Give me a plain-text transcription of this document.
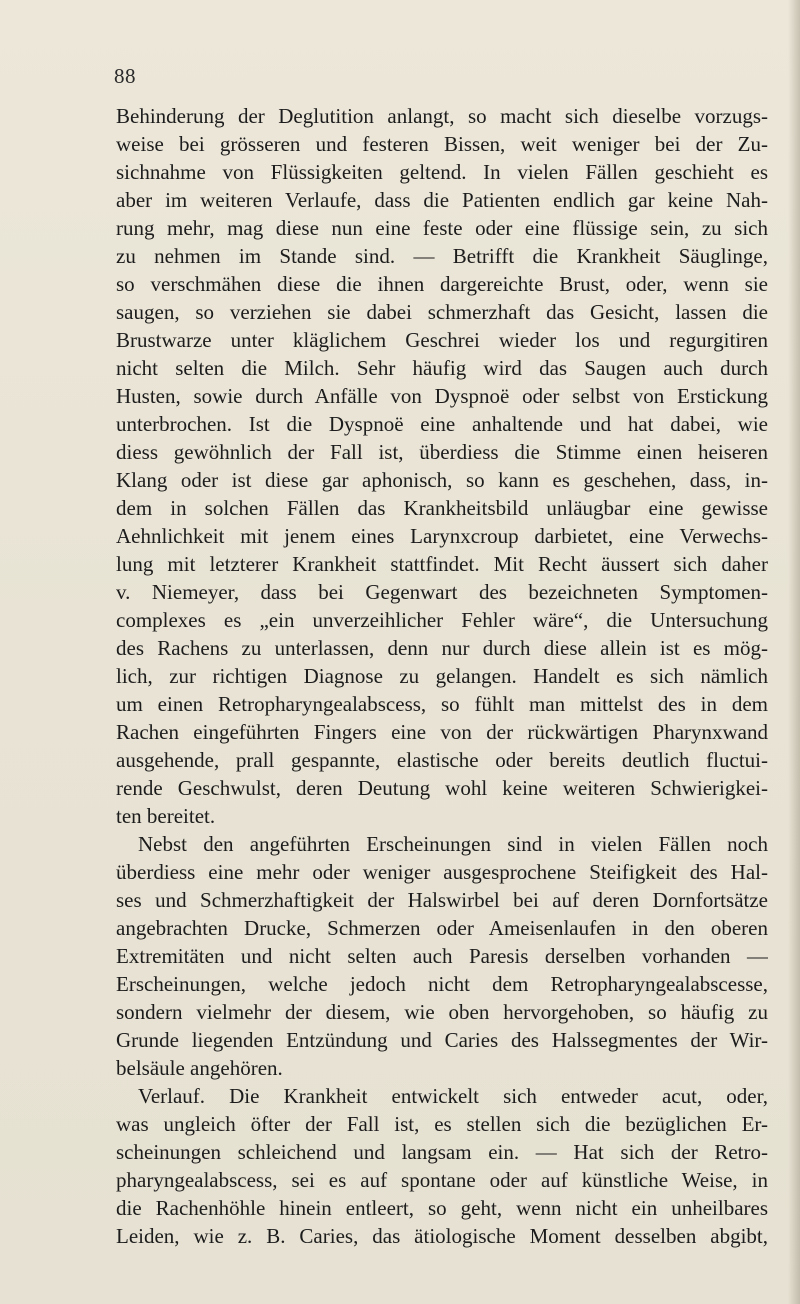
88
Behinderung der Deglutition anlangt, so macht sich dieselbe vorzugs-
weise bei grösseren und festeren Bissen, weit weniger bei der Zu-
sichnahme von Flüssigkeiten geltend. In vielen Fällen geschieht es
aber im weiteren Verlaufe, dass die Patienten endlich gar keine Nah-
rung mehr, mag diese nun eine feste oder eine flüssige sein, zu sich
zu nehmen im Stande sind. — Betrifft die Krankheit Säuglinge,
so verschmähen diese die ihnen dargereichte Brust, oder, wenn sie
saugen, so verziehen sie dabei schmerzhaft das Gesicht, lassen die
Brustwarze unter kläglichem Geschrei wieder los und regurgitiren
nicht selten die Milch. Sehr häufig wird das Saugen auch durch
Husten, sowie durch Anfälle von Dyspnoë oder selbst von Erstickung
unterbrochen. Ist die Dyspnoë eine anhaltende und hat dabei, wie
diess gewöhnlich der Fall ist, überdiess die Stimme einen heiseren
Klang oder ist diese gar aphonisch, so kann es geschehen, dass, in-
dem in solchen Fällen das Krankheitsbild unläugbar eine gewisse
Aehnlichkeit mit jenem eines Larynxcroup darbietet, eine Verwechs-
lung mit letzterer Krankheit stattfindet. Mit Recht äussert sich daher
v. Niemeyer, dass bei Gegenwart des bezeichneten Symptomen-
complexes es „ein unverzeihlicher Fehler wäre“, die Untersuchung
des Rachens zu unterlassen, denn nur durch diese allein ist es mög-
lich, zur richtigen Diagnose zu gelangen. Handelt es sich nämlich
um einen Retropharyngealabscess, so fühlt man mittelst des in dem
Rachen eingeführten Fingers eine von der rückwärtigen Pharynxwand
ausgehende, prall gespannte, elastische oder bereits deutlich fluctui-
rende Geschwulst, deren Deutung wohl keine weiteren Schwierigkei-
ten bereitet.
Nebst den angeführten Erscheinungen sind in vielen Fällen noch
überdiess eine mehr oder weniger ausgesprochene Steifigkeit des Hal-
ses und Schmerzhaftigkeit der Halswirbel bei auf deren Dornfortsätze
angebrachten Drucke, Schmerzen oder Ameisenlaufen in den oberen
Extremitäten und nicht selten auch Paresis derselben vorhanden —
Erscheinungen, welche jedoch nicht dem Retropharyngealabscesse,
sondern vielmehr der diesem, wie oben hervorgehoben, so häufig zu
Grunde liegenden Entzündung und Caries des Halssegmentes der Wir-
belsäule angehören.
Verlauf. Die Krankheit entwickelt sich entweder acut, oder,
was ungleich öfter der Fall ist, es stellen sich die bezüglichen Er-
scheinungen schleichend und langsam ein. — Hat sich der Retro-
pharyngealabscess, sei es auf spontane oder auf künstliche Weise, in
die Rachenhöhle hinein entleert, so geht, wenn nicht ein unheilbares
Leiden, wie z. B. Caries, das ätiologische Moment desselben abgibt,
